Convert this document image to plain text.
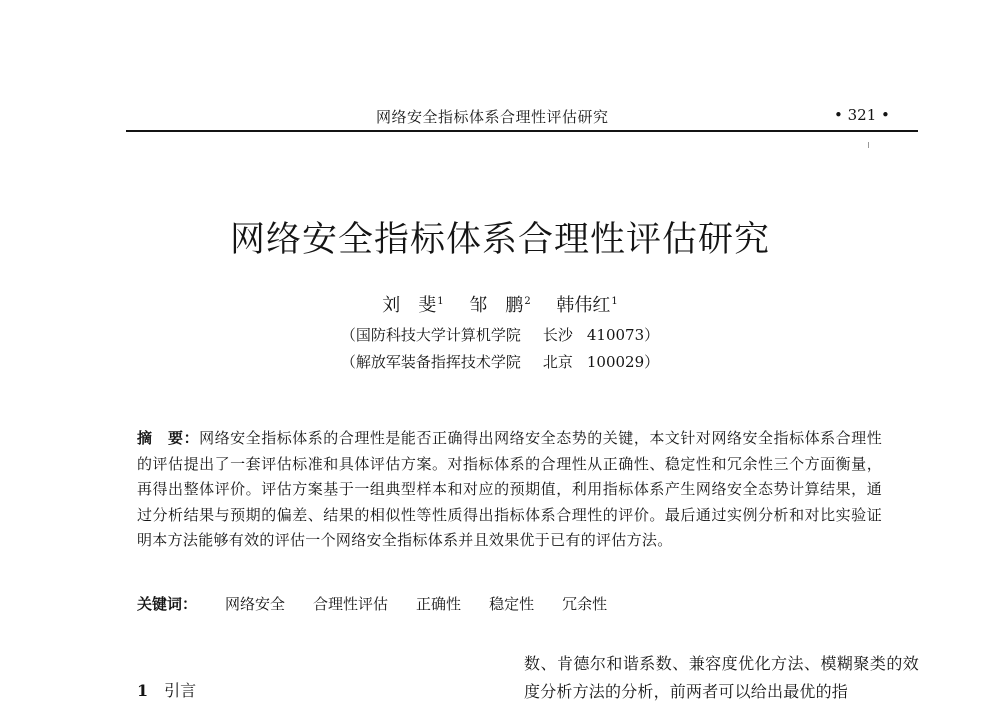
网络安全指标体系合理性评估研究	• 321 •
网络安全指标体系合理性评估研究
刘　斐$^1$ 邹　鹏$^2$ 韩伟红$^1$
（国防科技大学计算机学院 长沙 410073）
（解放军装备指挥技术学院 北京 100029）
摘　要：网络安全指标体系的合理性是能否正确得出网络安全态势的关键，本文针对网络安全指标体系合理性的评估提出了一套评估标准和具体评估方案。对指标体系的合理性从正确性、稳定性和冗余性三个方面衡量，再得出整体评价。评估方案基于一组典型样本和对应的预期值，利用指标体系产生网络安全态势计算结果，通过分析结果与预期的偏差、结果的相似性等性质得出指标体系合理性的评价。最后通过实例分析和对比实验证明本方法能够有效的评估一个网络安全指标体系并且效果优于已有的评估方法。
关键词： 网络安全 合理性评估 正确性 稳定性 冗余性
1 引言
数、肯德尔和谐系数、兼容度优化方法、模糊聚类的效度分析方法的分析，前两者可以给出最优的指
